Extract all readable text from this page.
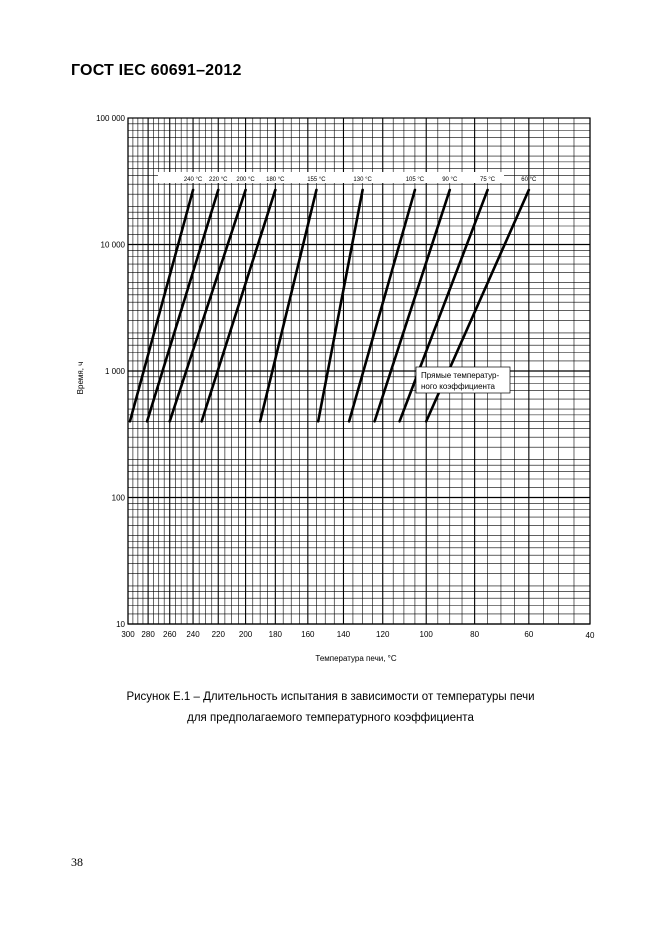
ГОСТ IEC 60691–2012
300 280 260 240 220 200 180 160	140	120	100	80	60	40
10
100
1 000
10 000
100 000
240 °С 220 °С 200 °С 180 °С	155 °С	130 °С	105 °С	90 °С	75 °С	60 °С
Прямые температур-
ного коэффициента
Температура печи, °С
Время, ч
Рисунок Е.1 – Длительность испытания в зависимости от температуры печи
для предполагаемого температурного коэффициента
38
